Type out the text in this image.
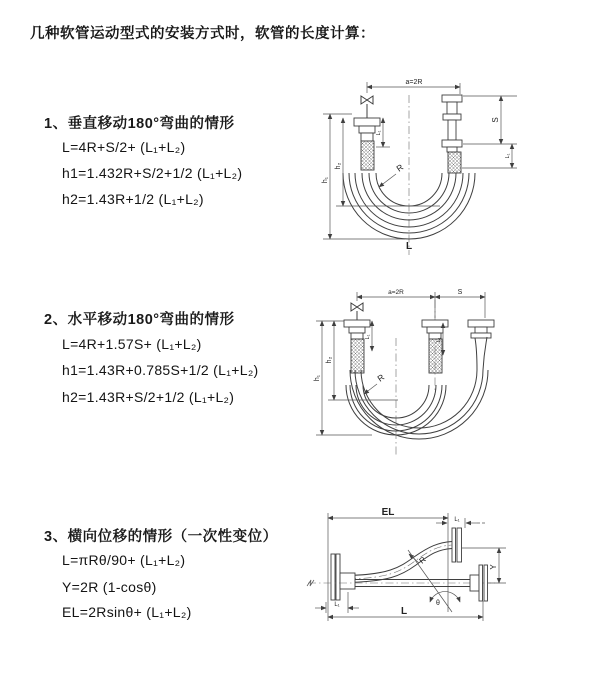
几种软管运动型式的安装方式时，软管的长度计算：
1、垂直移动180°弯曲的情形
L=4R+S/2+ (L₁+L₂)
h1=1.432R+S/2+1/2 (L₁+L₂)
h2=1.43R+1/2 (L₁+L₂)
2、水平移动180°弯曲的情形
L=4R+1.57S+ (L₁+L₂)
h1=1.43R+0.785S+1/2 (L₁+L₂)
h2=1.43R+S/2+1/2 (L₁+L₂)
3、横向位移的情形（一次性变位）
L=πRθ/90+ (L₁+L₂)
Y=2R (1-cosθ)
EL=2Rsinθ+ (L₁+L₂)
a=2R
R
h₁
h₂
L₁
S
L₁
L
a=2R	S
R
h₁
h₂
L₁
L₁
EL
L₁
Y
R
θ
L
L₁
